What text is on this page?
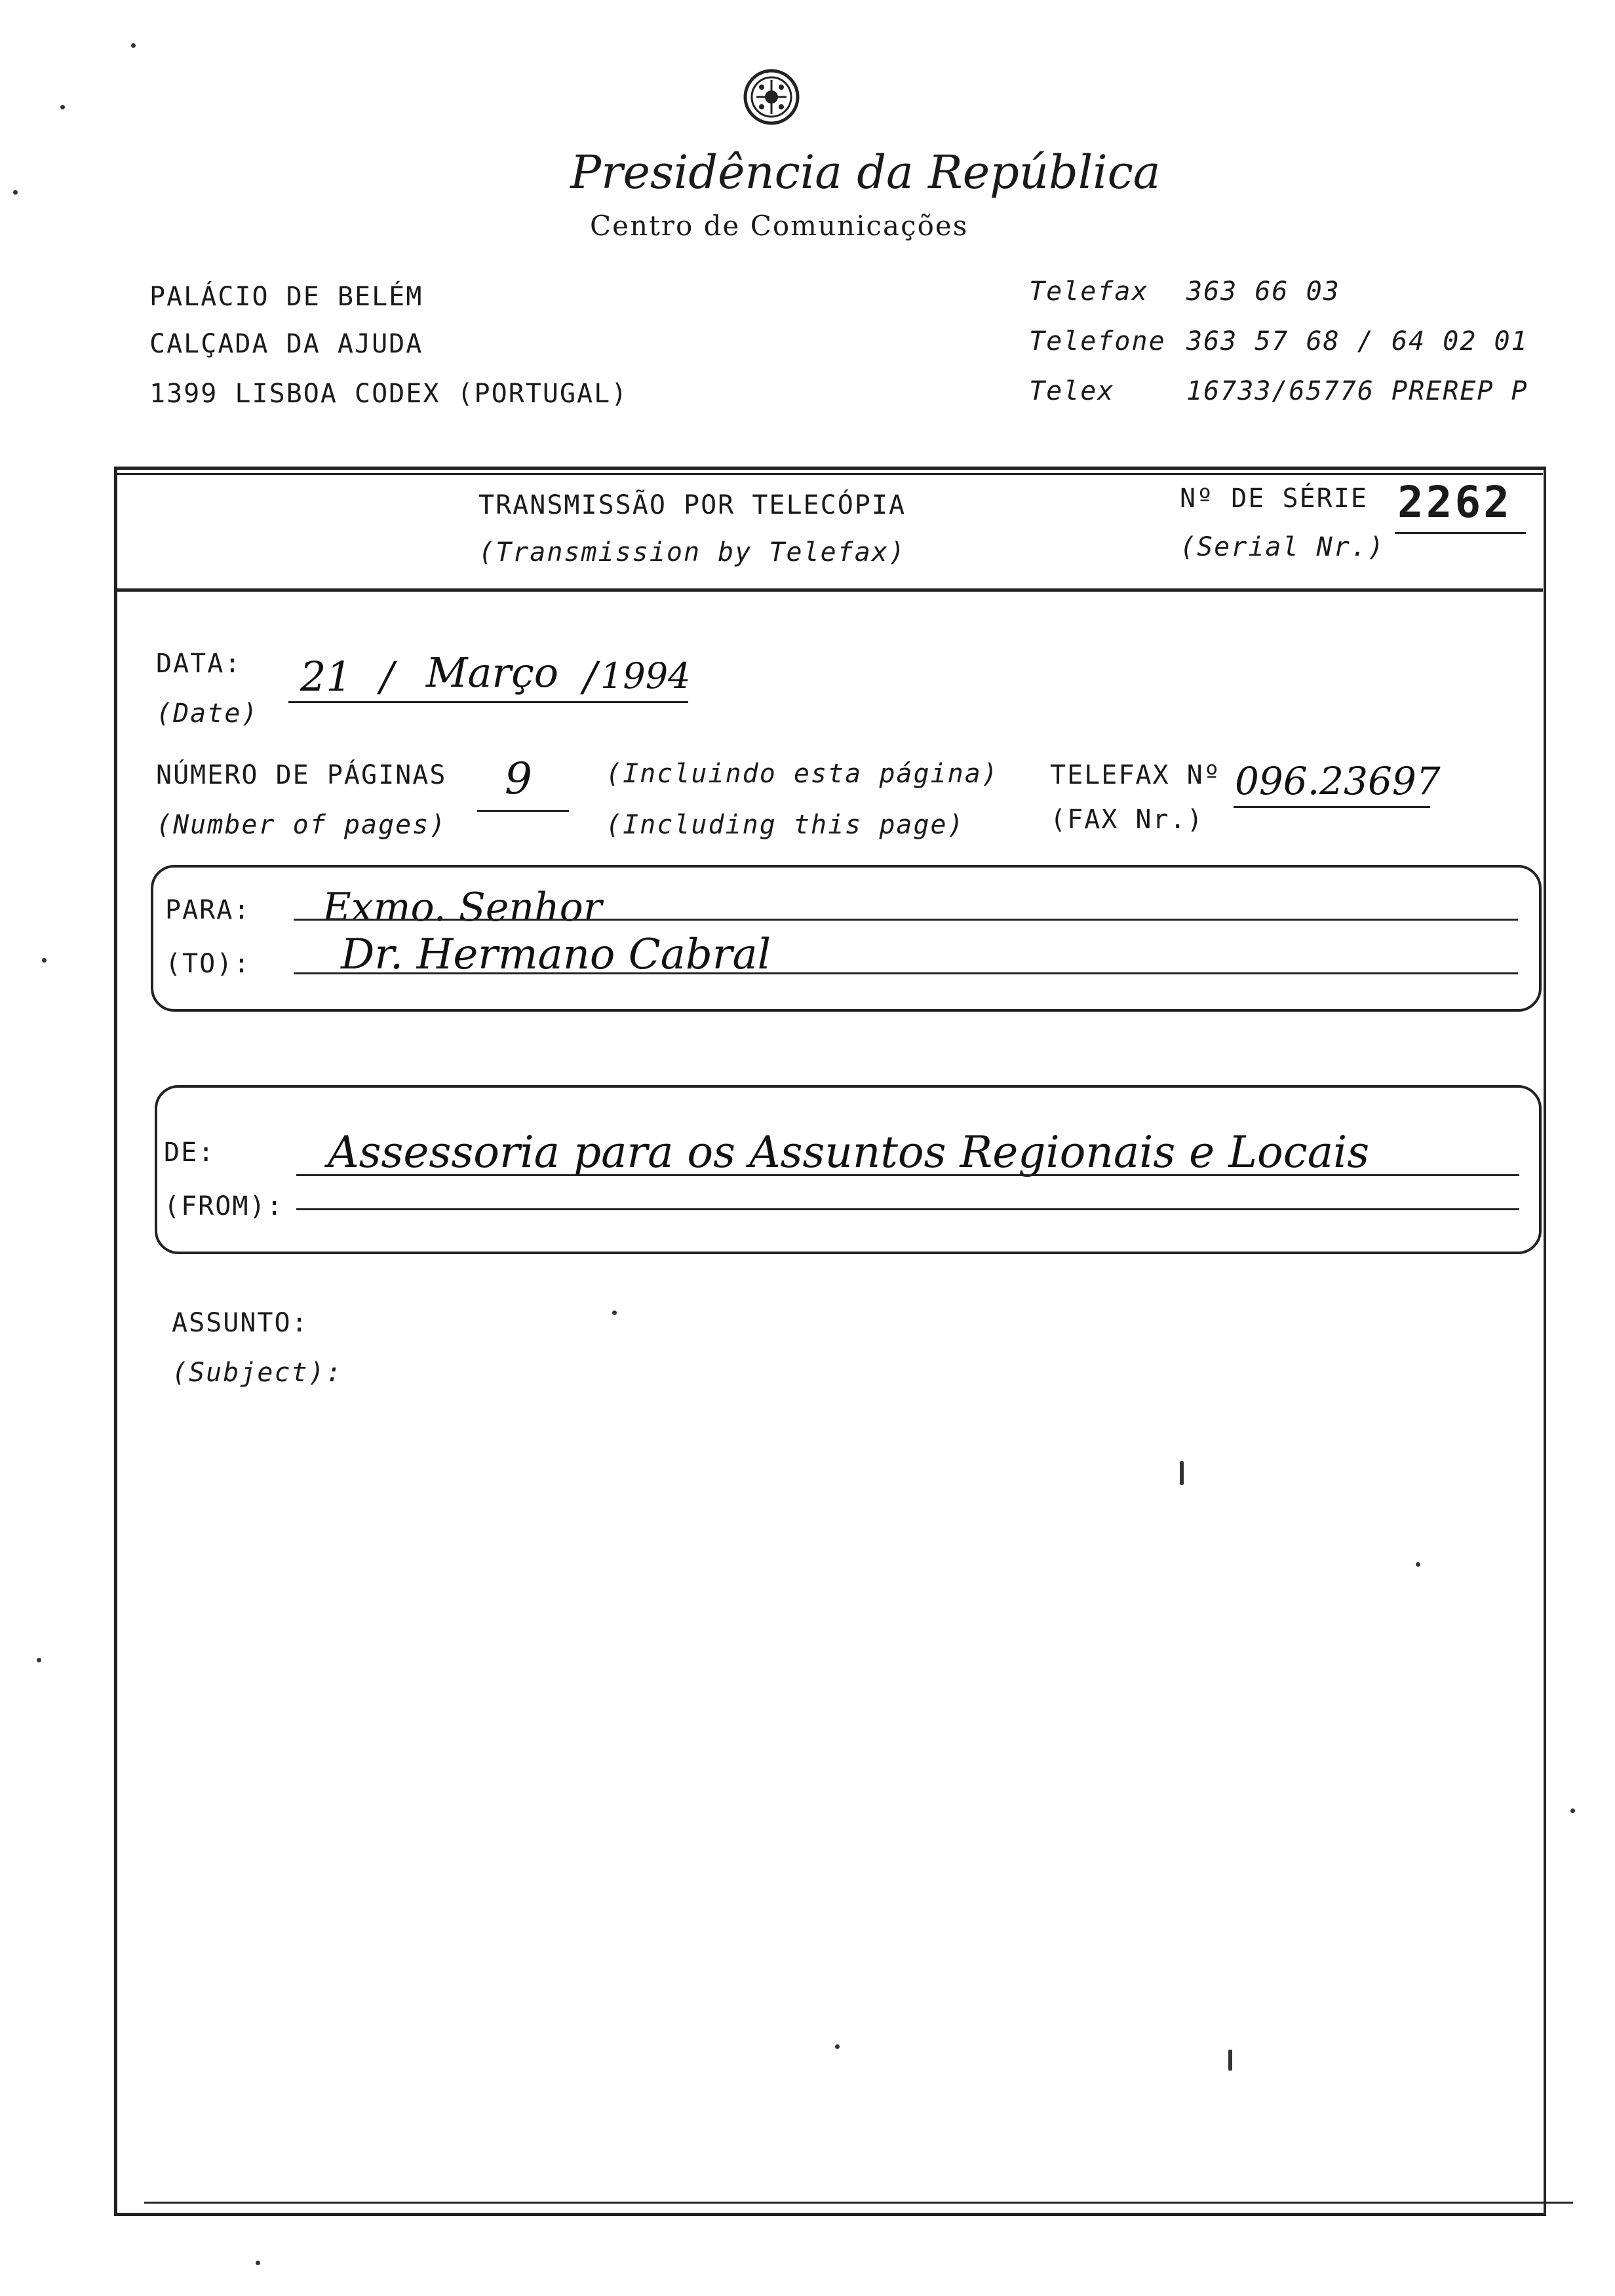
Presidência da República
Centro de Comunicações
PALÁCIO DE BELÉM
CALÇADA DA AJUDA
1399 LISBOA CODEX (PORTUGAL)
Telefax 363 66 03
Telefone 363 57 68 / 64 02 01
Telex	16733/65776 PREREP P
TRANSMISSÃO POR TELECÓPIA
(Transmission by Telefax)
Nº DE SÉRIE
(Serial Nr.)
2262
DATA:
(Date)
21 / Março / 1994
NÚMERO DE PÁGINAS
(Number of pages)
9	(Incluindo esta página)
(Including this page)
TELEFAX Nº
(FAX Nr.)
096.23697
PARA:
(TO):
Exmo. Senhor
Dr. Hermano Cabral
DE:
(FROM):
Assessoria para os Assuntos Regionais e Locais
ASSUNTO:
(Subject):
